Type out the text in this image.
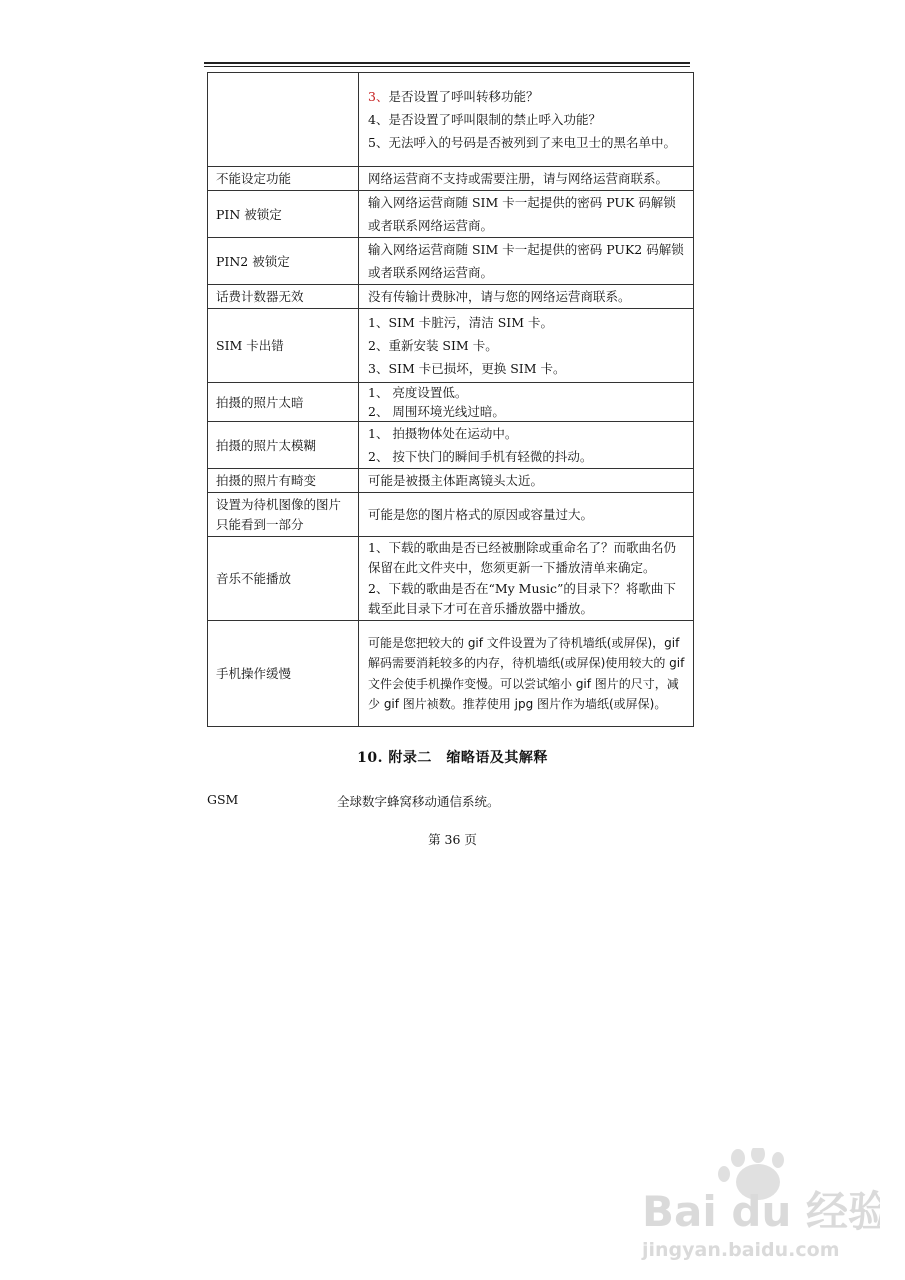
	3、是否设置了呼叫转移功能？
4、是否设置了呼叫限制的禁止呼入功能？
5、无法呼入的号码是否被列到了来电卫士的黑名单中。

不能设定功能	网络运营商不支持或需要注册，请与网络运营商联系。
PIN 被锁定	输入网络运营商随 SIM 卡一起提供的密码 PUK 码解锁或者联系网络运营商。
PIN2 被锁定	输入网络运营商随 SIM 卡一起提供的密码 PUK2 码解锁或者联系网络运营商。
话费计数器无效	没有传输计费脉冲，请与您的网络运营商联系。
SIM 卡出错	1、SIM 卡脏污，清洁 SIM 卡。
2、重新安装 SIM 卡。
3、SIM 卡已损坏，更换 SIM 卡。

拍摄的照片太暗	1、 亮度设置低。
2、 周围环境光线过暗。

拍摄的照片太模糊	1、 拍摄物体处在运动中。
2、 按下快门的瞬间手机有轻微的抖动。

拍摄的照片有畸变	可能是被摄主体距离镜头太近。
设置为待机图像的图片只能看到一部分	可能是您的图片格式的原因或容量过大。
音乐不能播放	1、下载的歌曲是否已经被删除或重命名了？而歌曲名仍保留在此文件夹中，您须更新一下播放清单来确定。
2、下载的歌曲是否在“My Music”的目录下？将歌曲下载至此目录下才可在音乐播放器中播放。

手机操作缓慢	可能是您把较大的 gif 文件设置为了待机墙纸(或屏保)，gif 解码需要消耗较多的内存，待机墙纸(或屏保)使用较大的 gif 文件会使手机操作变慢。可以尝试缩小 gif 图片的尺寸，减少 gif 图片祯数。推荐使用 jpg 图片作为墙纸(或屏保)。
10. 附录二　缩略语及其解释
GSM	全球数字蜂窝移动通信系统。
第 36 页
Bai du 经验
jingyan.baidu.com
